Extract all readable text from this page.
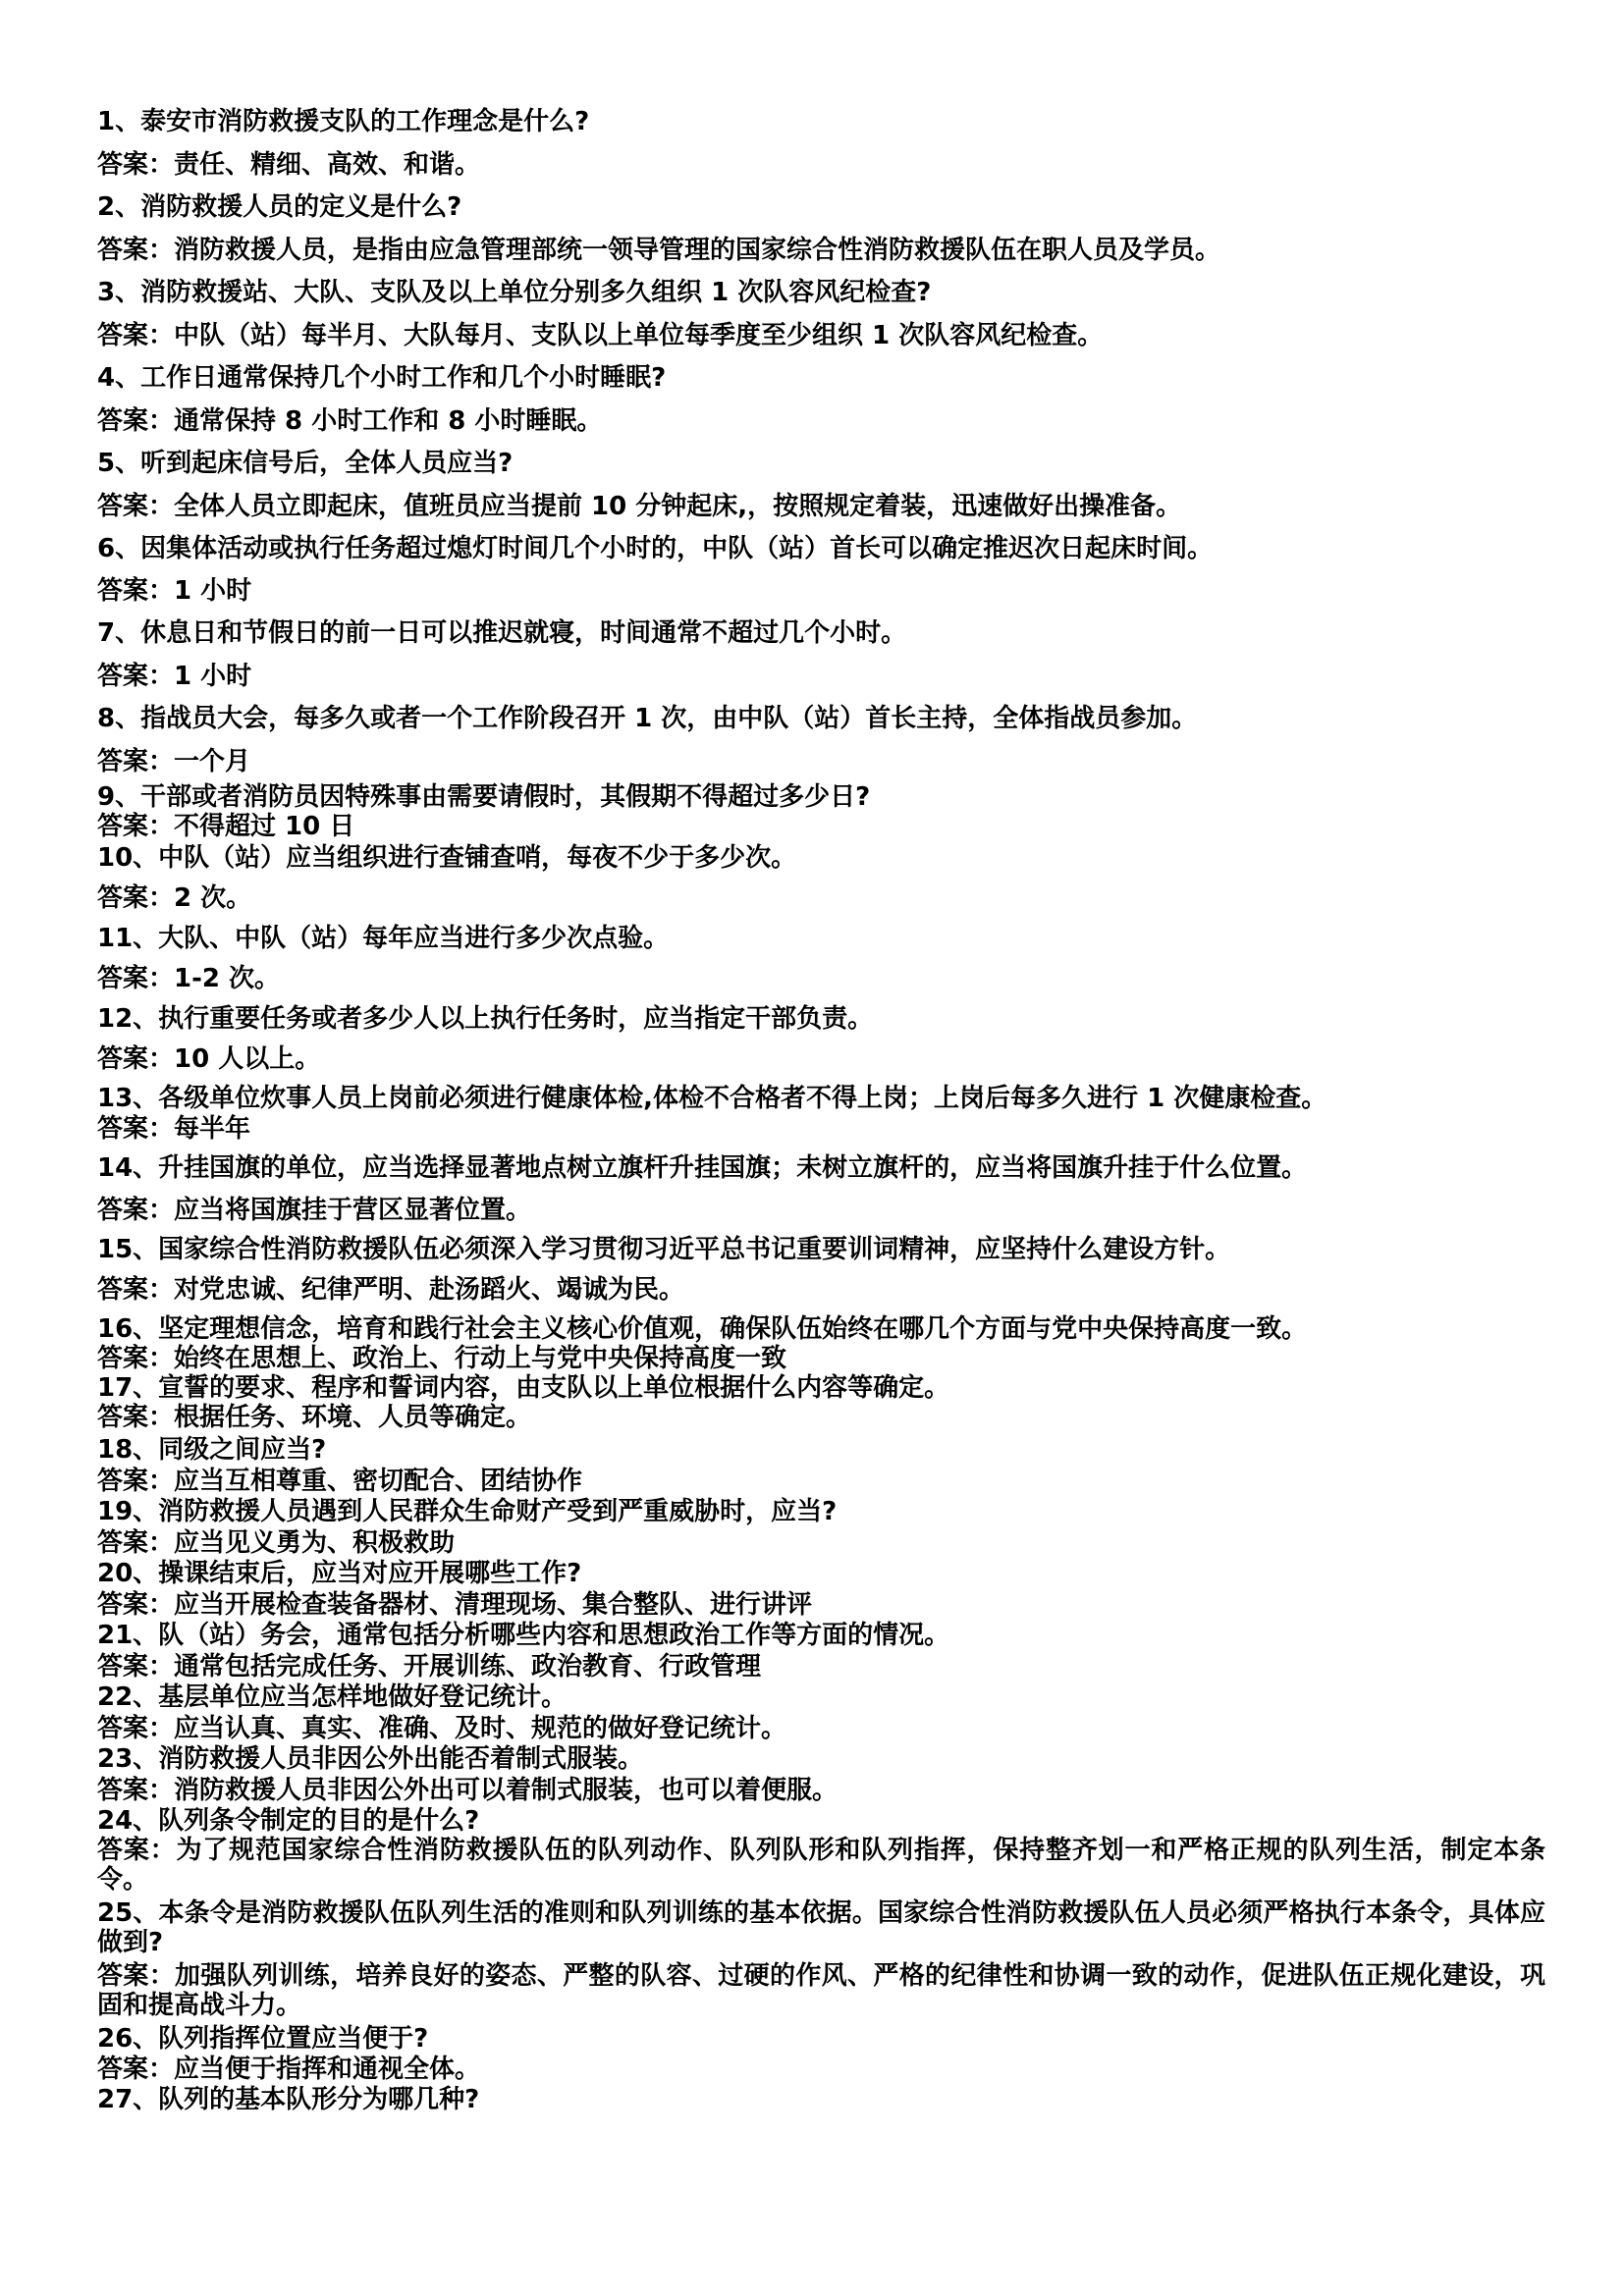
1、泰安市消防救援支队的工作理念是什么?
答案：责任、精细、高效、和谐。
2、消防救援人员的定义是什么?
答案：消防救援人员，是指由应急管理部统一领导管理的国家综合性消防救援队伍在职人员及学员。
3、消防救援站、大队、支队及以上单位分别多久组织 1 次队容风纪检查?
答案：中队（站）每半月、大队每月、支队以上单位每季度至少组织 1 次队容风纪检查。
4、工作日通常保持几个小时工作和几个小时睡眠?
答案：通常保持 8 小时工作和 8 小时睡眠。
5、听到起床信号后，全体人员应当?
答案：全体人员立即起床，值班员应当提前 10 分钟起床,，按照规定着装，迅速做好出操准备。
6、因集体活动或执行任务超过熄灯时间几个小时的，中队（站）首长可以确定推迟次日起床时间。
答案：1 小时
7、休息日和节假日的前一日可以推迟就寝，时间通常不超过几个小时。
答案：1 小时
8、指战员大会，每多久或者一个工作阶段召开 1 次，由中队（站）首长主持，全体指战员参加。
答案：一个月
9、干部或者消防员因特殊事由需要请假时，其假期不得超过多少日?
答案：不得超过 10 日
10、中队（站）应当组织进行查铺查哨，每夜不少于多少次。
答案：2 次。
11、大队、中队（站）每年应当进行多少次点验。
答案：1-2 次。
12、执行重要任务或者多少人以上执行任务时，应当指定干部负责。
答案：10 人以上。
13、各级单位炊事人员上岗前必须进行健康体检,体检不合格者不得上岗；上岗后每多久进行 1 次健康检查。
答案：每半年
14、升挂国旗的单位，应当选择显著地点树立旗杆升挂国旗；未树立旗杆的，应当将国旗升挂于什么位置。
答案：应当将国旗挂于营区显著位置。
15、国家综合性消防救援队伍必须深入学习贯彻习近平总书记重要训词精神，应坚持什么建设方针。
答案：对党忠诚、纪律严明、赴汤蹈火、竭诚为民。
16、坚定理想信念，培育和践行社会主义核心价值观，确保队伍始终在哪几个方面与党中央保持高度一致。
答案：始终在思想上、政治上、行动上与党中央保持高度一致
17、宣誓的要求、程序和誓词内容，由支队以上单位根据什么内容等确定。
答案：根据任务、环境、人员等确定。
18、同级之间应当?
答案：应当互相尊重、密切配合、团结协作
19、消防救援人员遇到人民群众生命财产受到严重威胁时，应当?
答案：应当见义勇为、积极救助
20、操课结束后，应当对应开展哪些工作?
答案：应当开展检查装备器材、清理现场、集合整队、进行讲评
21、队（站）务会，通常包括分析哪些内容和思想政治工作等方面的情况。
答案：通常包括完成任务、开展训练、政治教育、行政管理
22、基层单位应当怎样地做好登记统计。
答案：应当认真、真实、准确、及时、规范的做好登记统计。
23、消防救援人员非因公外出能否着制式服装。
答案：消防救援人员非因公外出可以着制式服装，也可以着便服。
24、队列条令制定的目的是什么?
答案：为了规范国家综合性消防救援队伍的队列动作、队列队形和队列指挥，保持整齐划一和严格正规的队列生活，制定本条令。
25、本条令是消防救援队伍队列生活的准则和队列训练的基本依据。国家综合性消防救援队伍人员必须严格执行本条令，具体应做到?
答案：加强队列训练，培养良好的姿态、严整的队容、过硬的作风、严格的纪律性和协调一致的动作，促进队伍正规化建设，巩固和提高战斗力。
26、队列指挥位置应当便于?
答案：应当便于指挥和通视全体。
27、队列的基本队形分为哪几种?
